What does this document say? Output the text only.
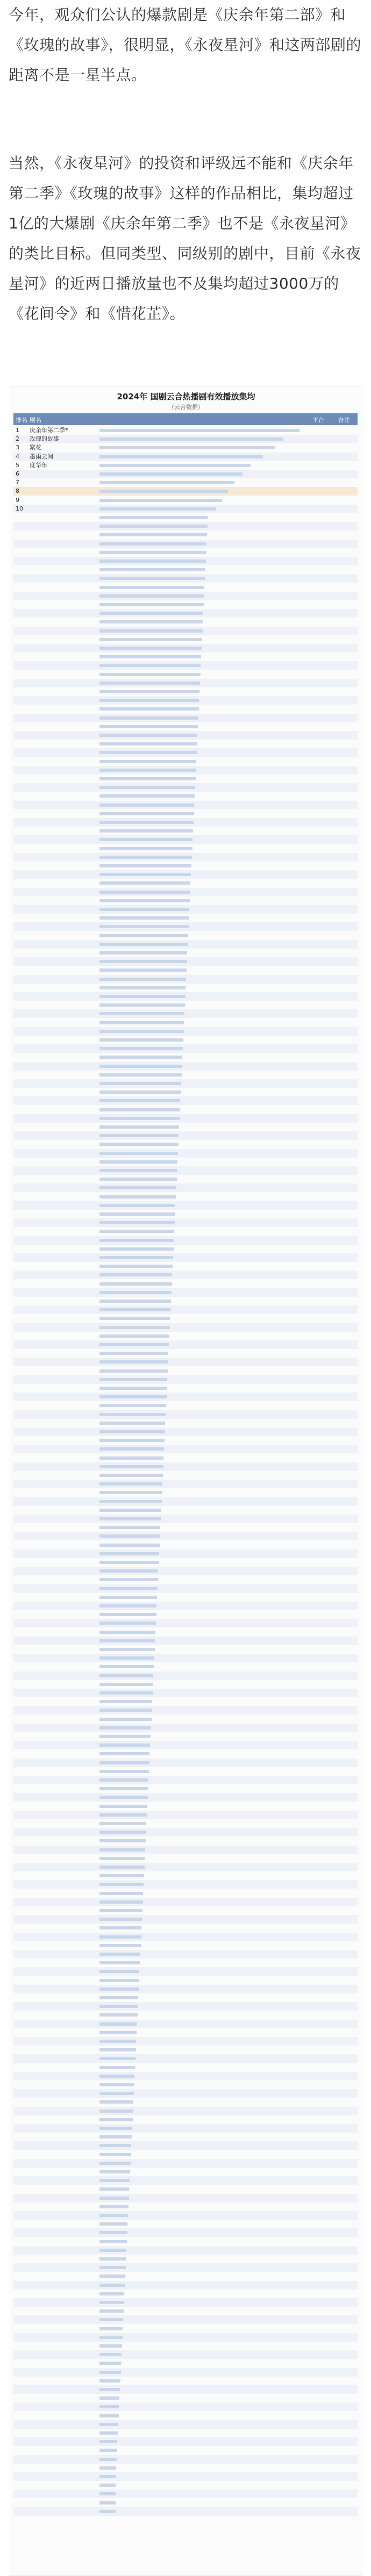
今年，观众们公认的爆款剧是《庆余年第二部》和《玫瑰的故事》，很明显，《永夜星河》和这两部剧的距离不是一星半点。
当然，《永夜星河》的投资和评级远不能和《庆余年第二季》《玫瑰的故事》这样的作品相比，集均超过1亿的大爆剧《庆余年第二季》也不是《永夜星河》的类比目标。但同类型、同级别的剧中，目前《永夜星河》的近两日播放量也不及集均超过3000万的《花间令》和《惜花芷》。
2024年 国剧云合热播剧有效播放集均
（云合数据）
排名 剧名	平台 备注
1	庆余年第二季*
2	玫瑰的故事
3	繁花
4	墨雨云间
5	度华年
6
7
8
9
10
